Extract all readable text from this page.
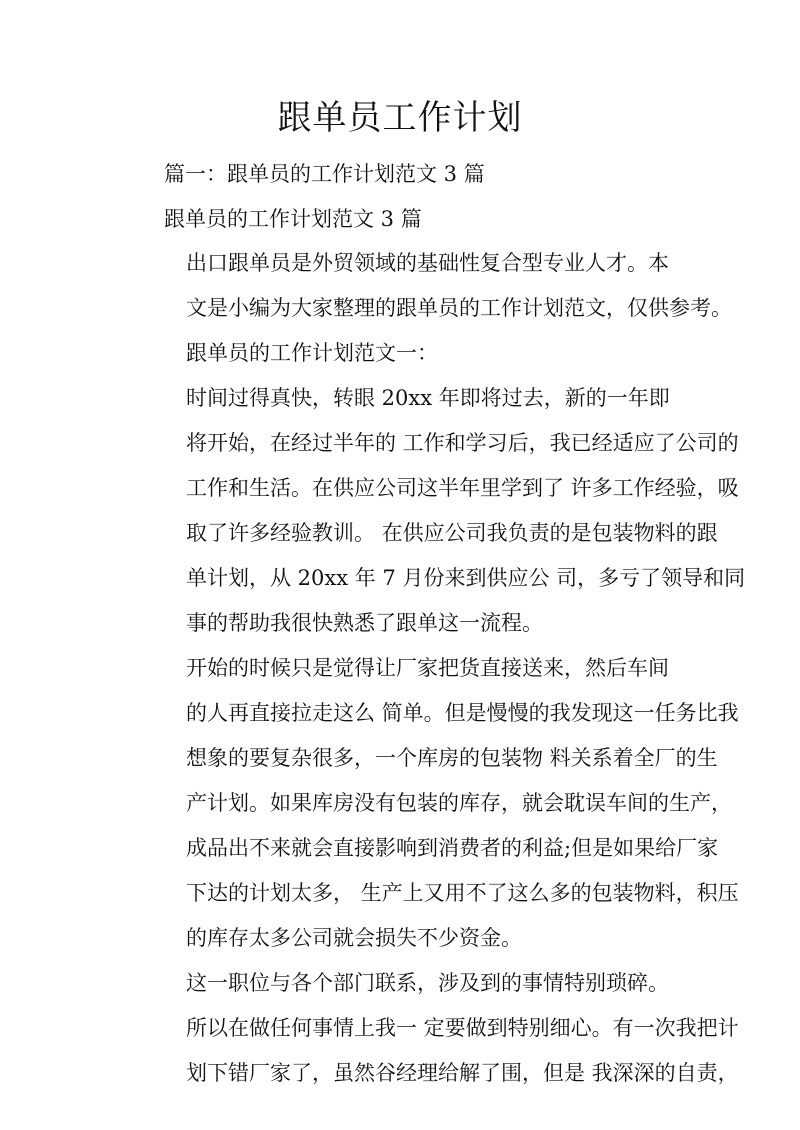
跟单员工作计划
篇一：跟单员的工作计划范文 3 篇
跟单员的工作计划范文 3 篇

出口跟单员是外贸领域的基础性复合型专业人才。本
文是小编为大家整理的跟单员的工作计划范文，仅供参考。

跟单员的工作计划范文一：

时间过得真快，转眼 20xx 年即将过去，新的一年即
将开始，在经过半年的 工作和学习后，我已经适应了公司的
工作和生活。在供应公司这半年里学到了 许多工作经验，吸
取了许多经验教训。 在供应公司我负责的是包装物料的跟
单计划，从 20xx 年 7 月份来到供应公 司，多亏了领导和同
事的帮助我很快熟悉了跟单这一流程。

开始的时候只是觉得让厂家把货直接送来，然后车间
的人再直接拉走这么 简单。但是慢慢的我发现这一任务比我
想象的要复杂很多，一个库房的包装物 料关系着全厂的生
产计划。如果库房没有包装的库存，就会耽误车间的生产，
成品出不来就会直接影响到消费者的利益;但是如果给厂家
下达的计划太多， 生产上又用不了这么多的包装物料，积压
的库存太多公司就会损失不少资金。

这一职位与各个部门联系，涉及到的事情特别琐碎。
所以在做任何事情上我一 定要做到特别细心。有一次我把计
划下错厂家了，虽然谷经理给解了围，但是 我深深的自责，
